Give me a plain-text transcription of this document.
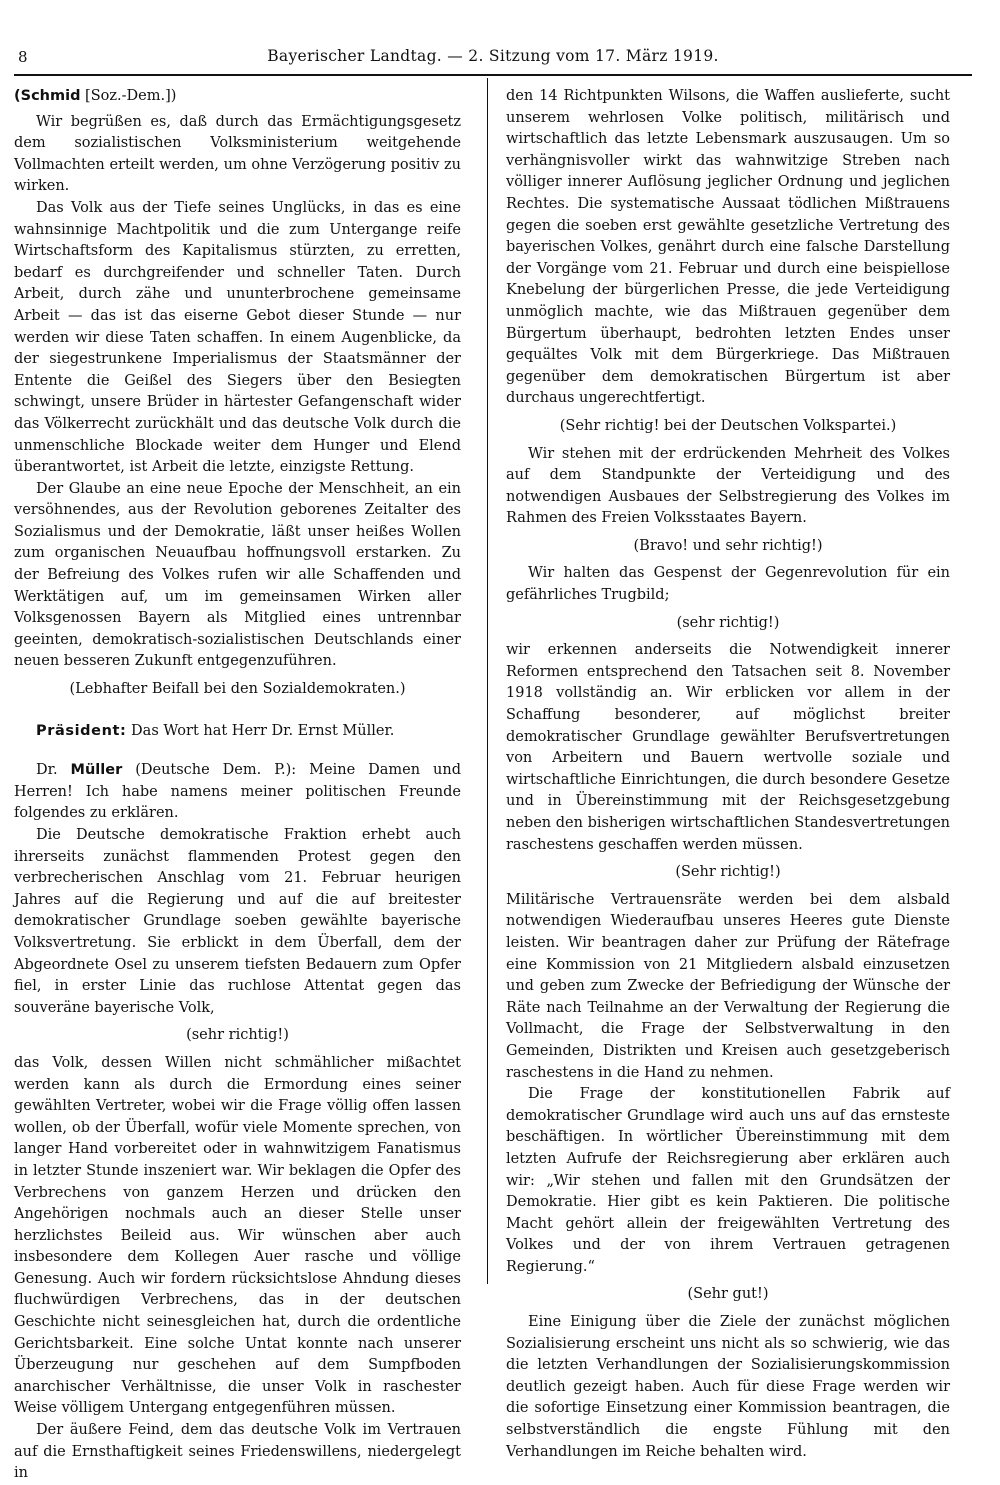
8	Bayerischer Landtag. — 2. Sitzung vom 17. März 1919.
(Schmid [Soz.-Dem.])

Wir begrüßen es, daß durch das Ermächtigungsgesetz dem sozialistischen Volksministerium weitgehende Vollmachten erteilt werden, um ohne Verzögerung positiv zu wirken.

Das Volk aus der Tiefe seines Unglücks, in das es eine wahnsinnige Machtpolitik und die zum Untergange reife Wirtschaftsform des Kapitalismus stürzten, zu erretten, bedarf es durchgreifender und schneller Taten. Durch Arbeit, durch zähe und ununterbrochene gemeinsame Arbeit — das ist das eiserne Gebot dieser Stunde — nur werden wir diese Taten schaffen. In einem Augenblicke, da der siegestrunkene Imperialismus der Staatsmänner der Entente die Geißel des Siegers über den Besiegten schwingt, unsere Brüder in härtester Gefangenschaft wider das Völkerrecht zurückhält und das deutsche Volk durch die unmenschliche Blockade weiter dem Hunger und Elend überantwortet, ist Arbeit die letzte, einzigste Rettung.

Der Glaube an eine neue Epoche der Menschheit, an ein versöhnendes, aus der Revolution geborenes Zeitalter des Sozialismus und der Demokratie, läßt unser heißes Wollen zum organischen Neuaufbau hoffnungsvoll erstarken. Zu der Befreiung des Volkes rufen wir alle Schaffenden und Werktätigen auf, um im gemeinsamen Wirken aller Volksgenossen Bayern als Mitglied eines untrennbar geeinten, demokratisch-sozialistischen Deutschlands einer neuen besseren Zukunft entgegenzuführen.

(Lebhafter Beifall bei den Sozialdemokraten.)

Präsident: Das Wort hat Herr Dr. Ernst Müller.

Dr. Müller (Deutsche Dem. P.): Meine Damen und Herren! Ich habe namens meiner politischen Freunde folgendes zu erklären.

Die Deutsche demokratische Fraktion erhebt auch ihrerseits zunächst flammenden Protest gegen den verbrecherischen Anschlag vom 21. Februar heurigen Jahres auf die Regierung und auf die auf breitester demokratischer Grundlage soeben gewählte bayerische Volksvertretung. Sie erblickt in dem Überfall, dem der Abgeordnete Osel zu unserem tiefsten Bedauern zum Opfer fiel, in erster Linie das ruchlose Attentat gegen das souveräne bayerische Volk,

(sehr richtig!)

das Volk, dessen Willen nicht schmählicher mißachtet werden kann als durch die Ermordung eines seiner gewählten Vertreter, wobei wir die Frage völlig offen lassen wollen, ob der Überfall, wofür viele Momente sprechen, von langer Hand vorbereitet oder in wahnwitzigem Fanatismus in letzter Stunde inszeniert war. Wir beklagen die Opfer des Verbrechens von ganzem Herzen und drücken den Angehörigen nochmals auch an dieser Stelle unser herzlichstes Beileid aus. Wir wünschen aber auch insbesondere dem Kollegen Auer rasche und völlige Genesung. Auch wir fordern rücksichtslose Ahndung dieses fluchwürdigen Verbrechens, das in der deutschen Geschichte nicht seinesgleichen hat, durch die ordentliche Gerichtsbarkeit. Eine solche Untat konnte nach unserer Überzeugung nur geschehen auf dem Sumpfboden anarchischer Verhältnisse, die unser Volk in raschester Weise völligem Untergang entgegenführen müssen.

Der äußere Feind, dem das deutsche Volk im Vertrauen auf die Ernsthaftigkeit seines Friedenswillens, niedergelegt in

den 14 Richtpunkten Wilsons, die Waffen auslieferte, sucht unserem wehrlosen Volke politisch, militärisch und wirtschaftlich das letzte Lebensmark auszusaugen. Um so verhängnisvoller wirkt das wahnwitzige Streben nach völliger innerer Auflösung jeglicher Ordnung und jeglichen Rechtes. Die systematische Aussaat tödlichen Mißtrauens gegen die soeben erst gewählte gesetzliche Vertretung des bayerischen Volkes, genährt durch eine falsche Darstellung der Vorgänge vom 21. Februar und durch eine beispiellose Knebelung der bürgerlichen Presse, die jede Verteidigung unmöglich machte, wie das Mißtrauen gegenüber dem Bürgertum überhaupt, bedrohten letzten Endes unser gequältes Volk mit dem Bürgerkriege. Das Mißtrauen gegenüber dem demokratischen Bürgertum ist aber durchaus ungerechtfertigt.

(Sehr richtig! bei der Deutschen Volkspartei.)

Wir stehen mit der erdrückenden Mehrheit des Volkes auf dem Standpunkte der Verteidigung und des notwendigen Ausbaues der Selbstregierung des Volkes im Rahmen des Freien Volksstaates Bayern.

(Bravo! und sehr richtig!)

Wir halten das Gespenst der Gegenrevolution für ein gefährliches Trugbild;

(sehr richtig!)

wir erkennen anderseits die Notwendigkeit innerer Reformen entsprechend den Tatsachen seit 8. November 1918 vollständig an. Wir erblicken vor allem in der Schaffung besonderer, auf möglichst breiter demokratischer Grundlage gewählter Berufsvertretungen von Arbeitern und Bauern wertvolle soziale und wirtschaftliche Einrichtungen, die durch besondere Gesetze und in Übereinstimmung mit der Reichsgesetzgebung neben den bisherigen wirtschaftlichen Standesvertretungen raschestens geschaffen werden müssen.

(Sehr richtig!)

Militärische Vertrauensräte werden bei dem alsbald notwendigen Wiederaufbau unseres Heeres gute Dienste leisten. Wir beantragen daher zur Prüfung der Rätefrage eine Kommission von 21 Mitgliedern alsbald einzusetzen und geben zum Zwecke der Befriedigung der Wünsche der Räte nach Teilnahme an der Verwaltung der Regierung die Vollmacht, die Frage der Selbstverwaltung in den Gemeinden, Distrikten und Kreisen auch gesetzgeberisch raschestens in die Hand zu nehmen.

Die Frage der konstitutionellen Fabrik auf demokratischer Grundlage wird auch uns auf das ernsteste beschäftigen. In wörtlicher Übereinstimmung mit dem letzten Aufrufe der Reichsregierung aber erklären auch wir: „Wir stehen und fallen mit den Grundsätzen der Demokratie. Hier gibt es kein Paktieren. Die politische Macht gehört allein der freigewählten Vertretung des Volkes und der von ihrem Vertrauen getragenen Regierung.“

(Sehr gut!)

Eine Einigung über die Ziele der zunächst möglichen Sozialisierung erscheint uns nicht als so schwierig, wie das die letzten Verhandlungen der Sozialisierungskommission deutlich gezeigt haben. Auch für diese Frage werden wir die sofortige Einsetzung einer Kommission beantragen, die selbstverständlich die engste Fühlung mit den Verhandlungen im Reiche behalten wird.
